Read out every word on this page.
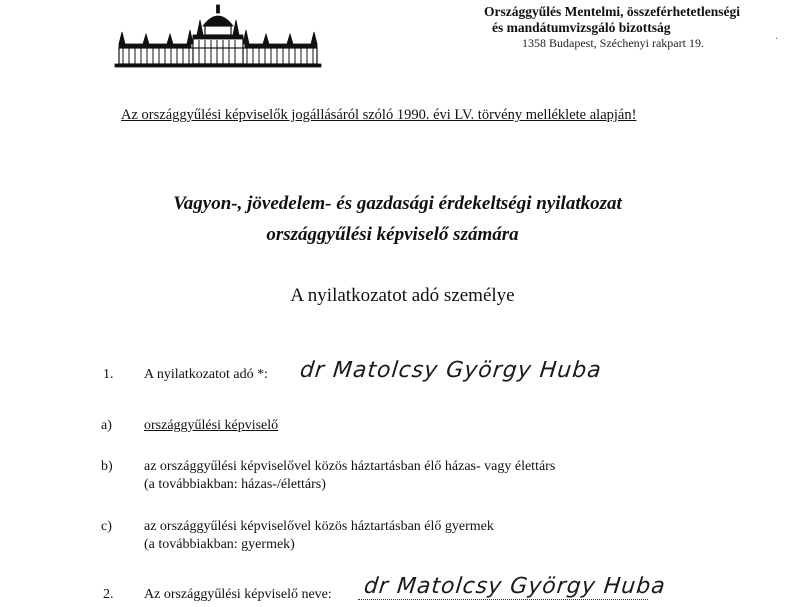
Országgyűlés Mentelmi, összeférhetetlenségi
és mandátumvizsgáló bizottság
1358 Budapest, Széchenyi rakpart 19.	·
Az országgyűlési képviselők jogállásáról szóló 1990. évi LV. törvény melléklete alapján!
Vagyon-, jövedelem- és gazdasági érdekeltségi nyilatkozat
országgyűlési képviselő számára
A nyilatkozatot adó személye
1. A nyilatkozatot adó *: dr Matolcsy György Huba
a) országgyűlési képviselő
b) az országgyűlési képviselővel közös háztartásban élő házas- vagy élettárs
(a továbbiakban: házas-/élettárs)
c) az országgyűlési képviselővel közös háztartásban élő gyermek
(a továbbiakban: gyermek)
2. Az országgyűlési képviselő neve: dr Matolcsy György Huba
